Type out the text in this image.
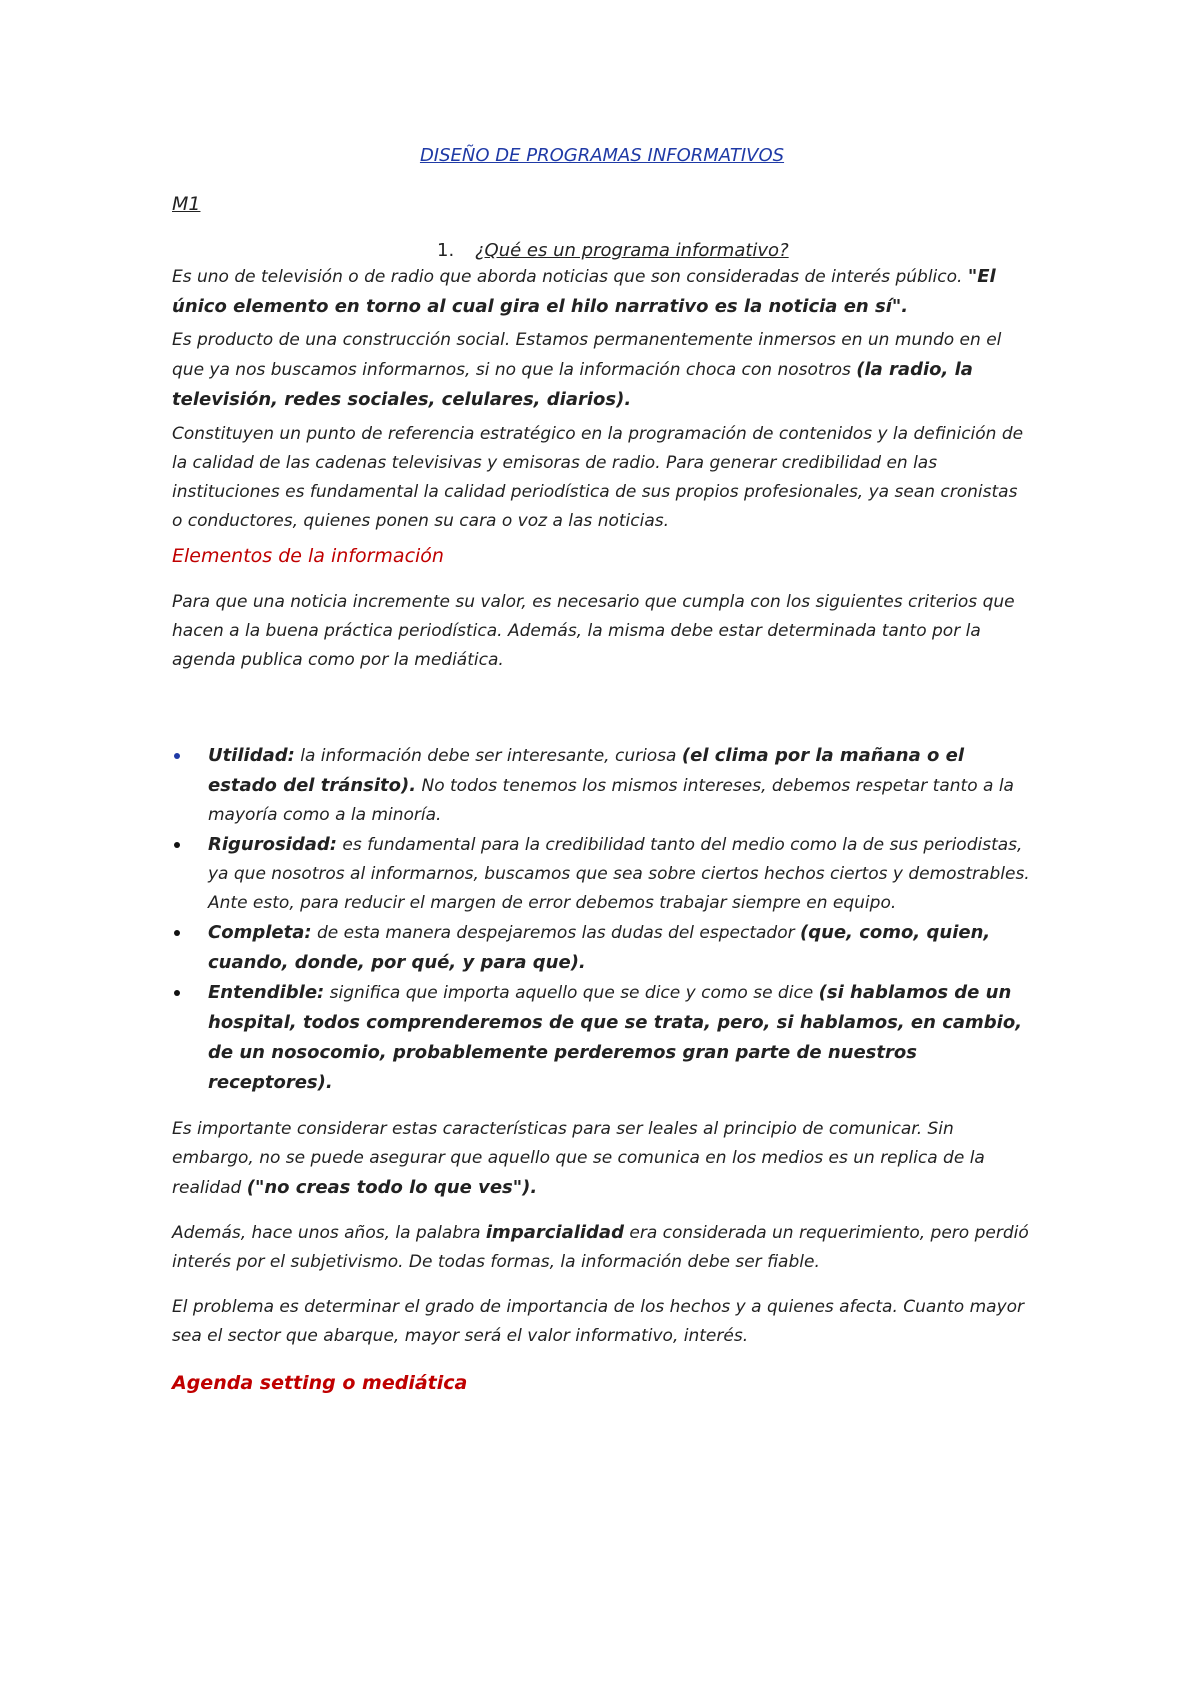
DISEÑO DE PROGRAMAS INFORMATIVOS
M1
1. ¿Qué es un programa informativo?

Es uno de televisión o de radio que aborda noticias que son consideradas de interés público. "El único elemento en torno al cual gira el hilo narrativo es la noticia en sí".

Es producto de una construcción social. Estamos permanentemente inmersos en un mundo en el que ya nos buscamos informarnos, si no que la información choca con nosotros (la radio, la televisión, redes sociales, celulares, diarios).

Constituyen un punto de referencia estratégico en la programación de contenidos y la definición de la calidad de las cadenas televisivas y emisoras de radio. Para generar credibilidad en las instituciones es fundamental la calidad periodística de sus propios profesionales, ya sean cronistas o conductores, quienes ponen su cara o voz a las noticias.

Elementos de la información

Para que una noticia incremente su valor, es necesario que cumpla con los siguientes criterios que hacen a la buena práctica periodística. Además, la misma debe estar determinada tanto por la agenda publica como por la mediática.

Utilidad: la información debe ser interesante, curiosa (el clima por la mañana o el estado del tránsito). No todos tenemos los mismos intereses, debemos respetar tanto a la mayoría como a la minoría.
Rigurosidad: es fundamental para la credibilidad tanto del medio como la de sus periodistas, ya que nosotros al informarnos, buscamos que sea sobre ciertos hechos ciertos y demostrables. Ante esto, para reducir el margen de error debemos trabajar siempre en equipo.
Completa: de esta manera despejaremos las dudas del espectador (que, como, quien, cuando, donde, por qué, y para que).
Entendible: significa que importa aquello que se dice y como se dice (si hablamos de un hospital, todos comprenderemos de que se trata, pero, si hablamos, en cambio, de un nosocomio, probablemente perderemos gran parte de nuestros receptores).

Es importante considerar estas características para ser leales al principio de comunicar. Sin embargo, no se puede asegurar que aquello que se comunica en los medios es un replica de la realidad ("no creas todo lo que ves").

Además, hace unos años, la palabra imparcialidad era considerada un requerimiento, pero perdió interés por el subjetivismo. De todas formas, la información debe ser fiable.

El problema es determinar el grado de importancia de los hechos y a quienes afecta. Cuanto mayor sea el sector que abarque, mayor será el valor informativo, interés.

Agenda setting o mediática
